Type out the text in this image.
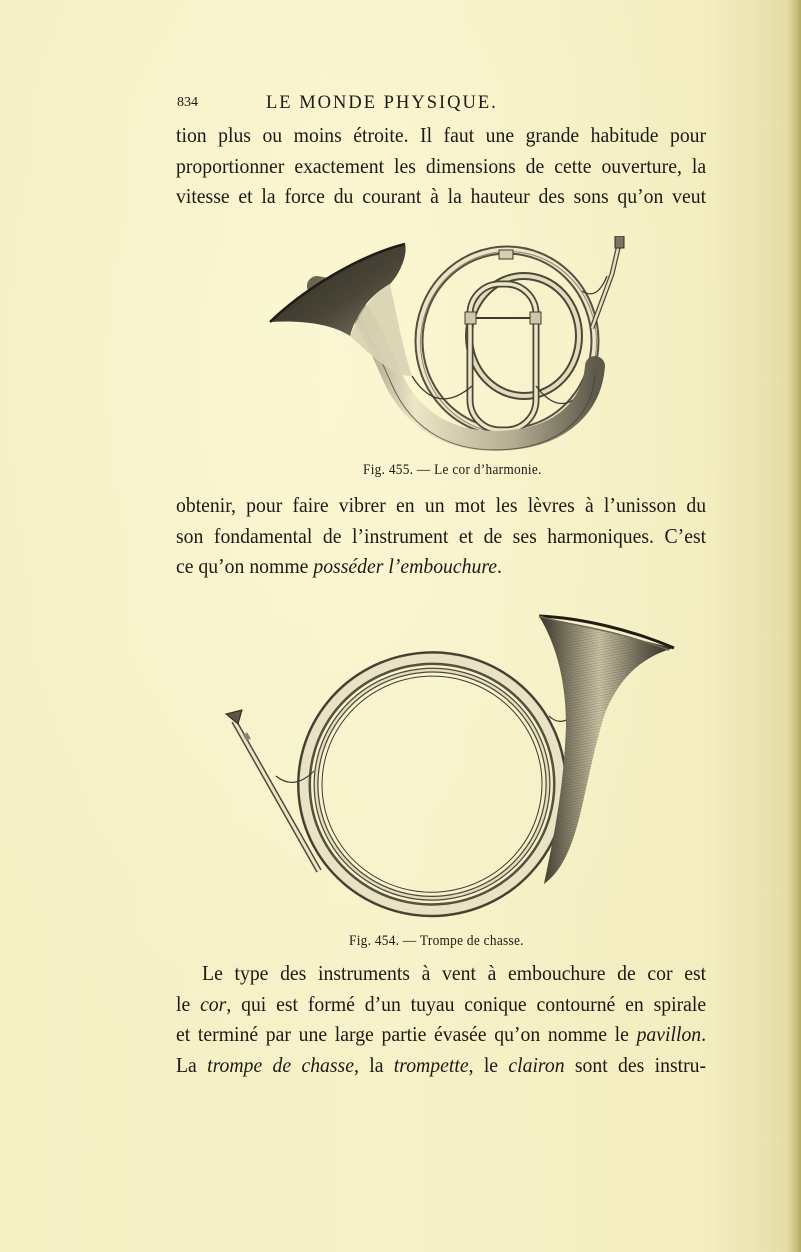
834	LE MONDE PHYSIQUE.
tion plus ou moins étroite. Il faut une grande habitude pour
proportionner exactement les dimensions de cette ouverture, la
vitesse et la force du courant à la hauteur des sons qu’on veut
Fig. 455. — Le cor d’harmonie.
obtenir, pour faire vibrer en un mot les lèvres à l’unisson du
son fondamental de l’instrument et de ses harmoniques. C’est
ce qu’on nomme posséder l’embouchure.
Fig. 454. — Trompe de chasse.
Le type des instruments à vent à embouchure de cor est
le cor, qui est formé d’un tuyau conique contourné en spirale
et terminé par une large partie évasée qu’on nomme le pavillon.
La trompe de chasse, la trompette, le clairon sont des instru-
